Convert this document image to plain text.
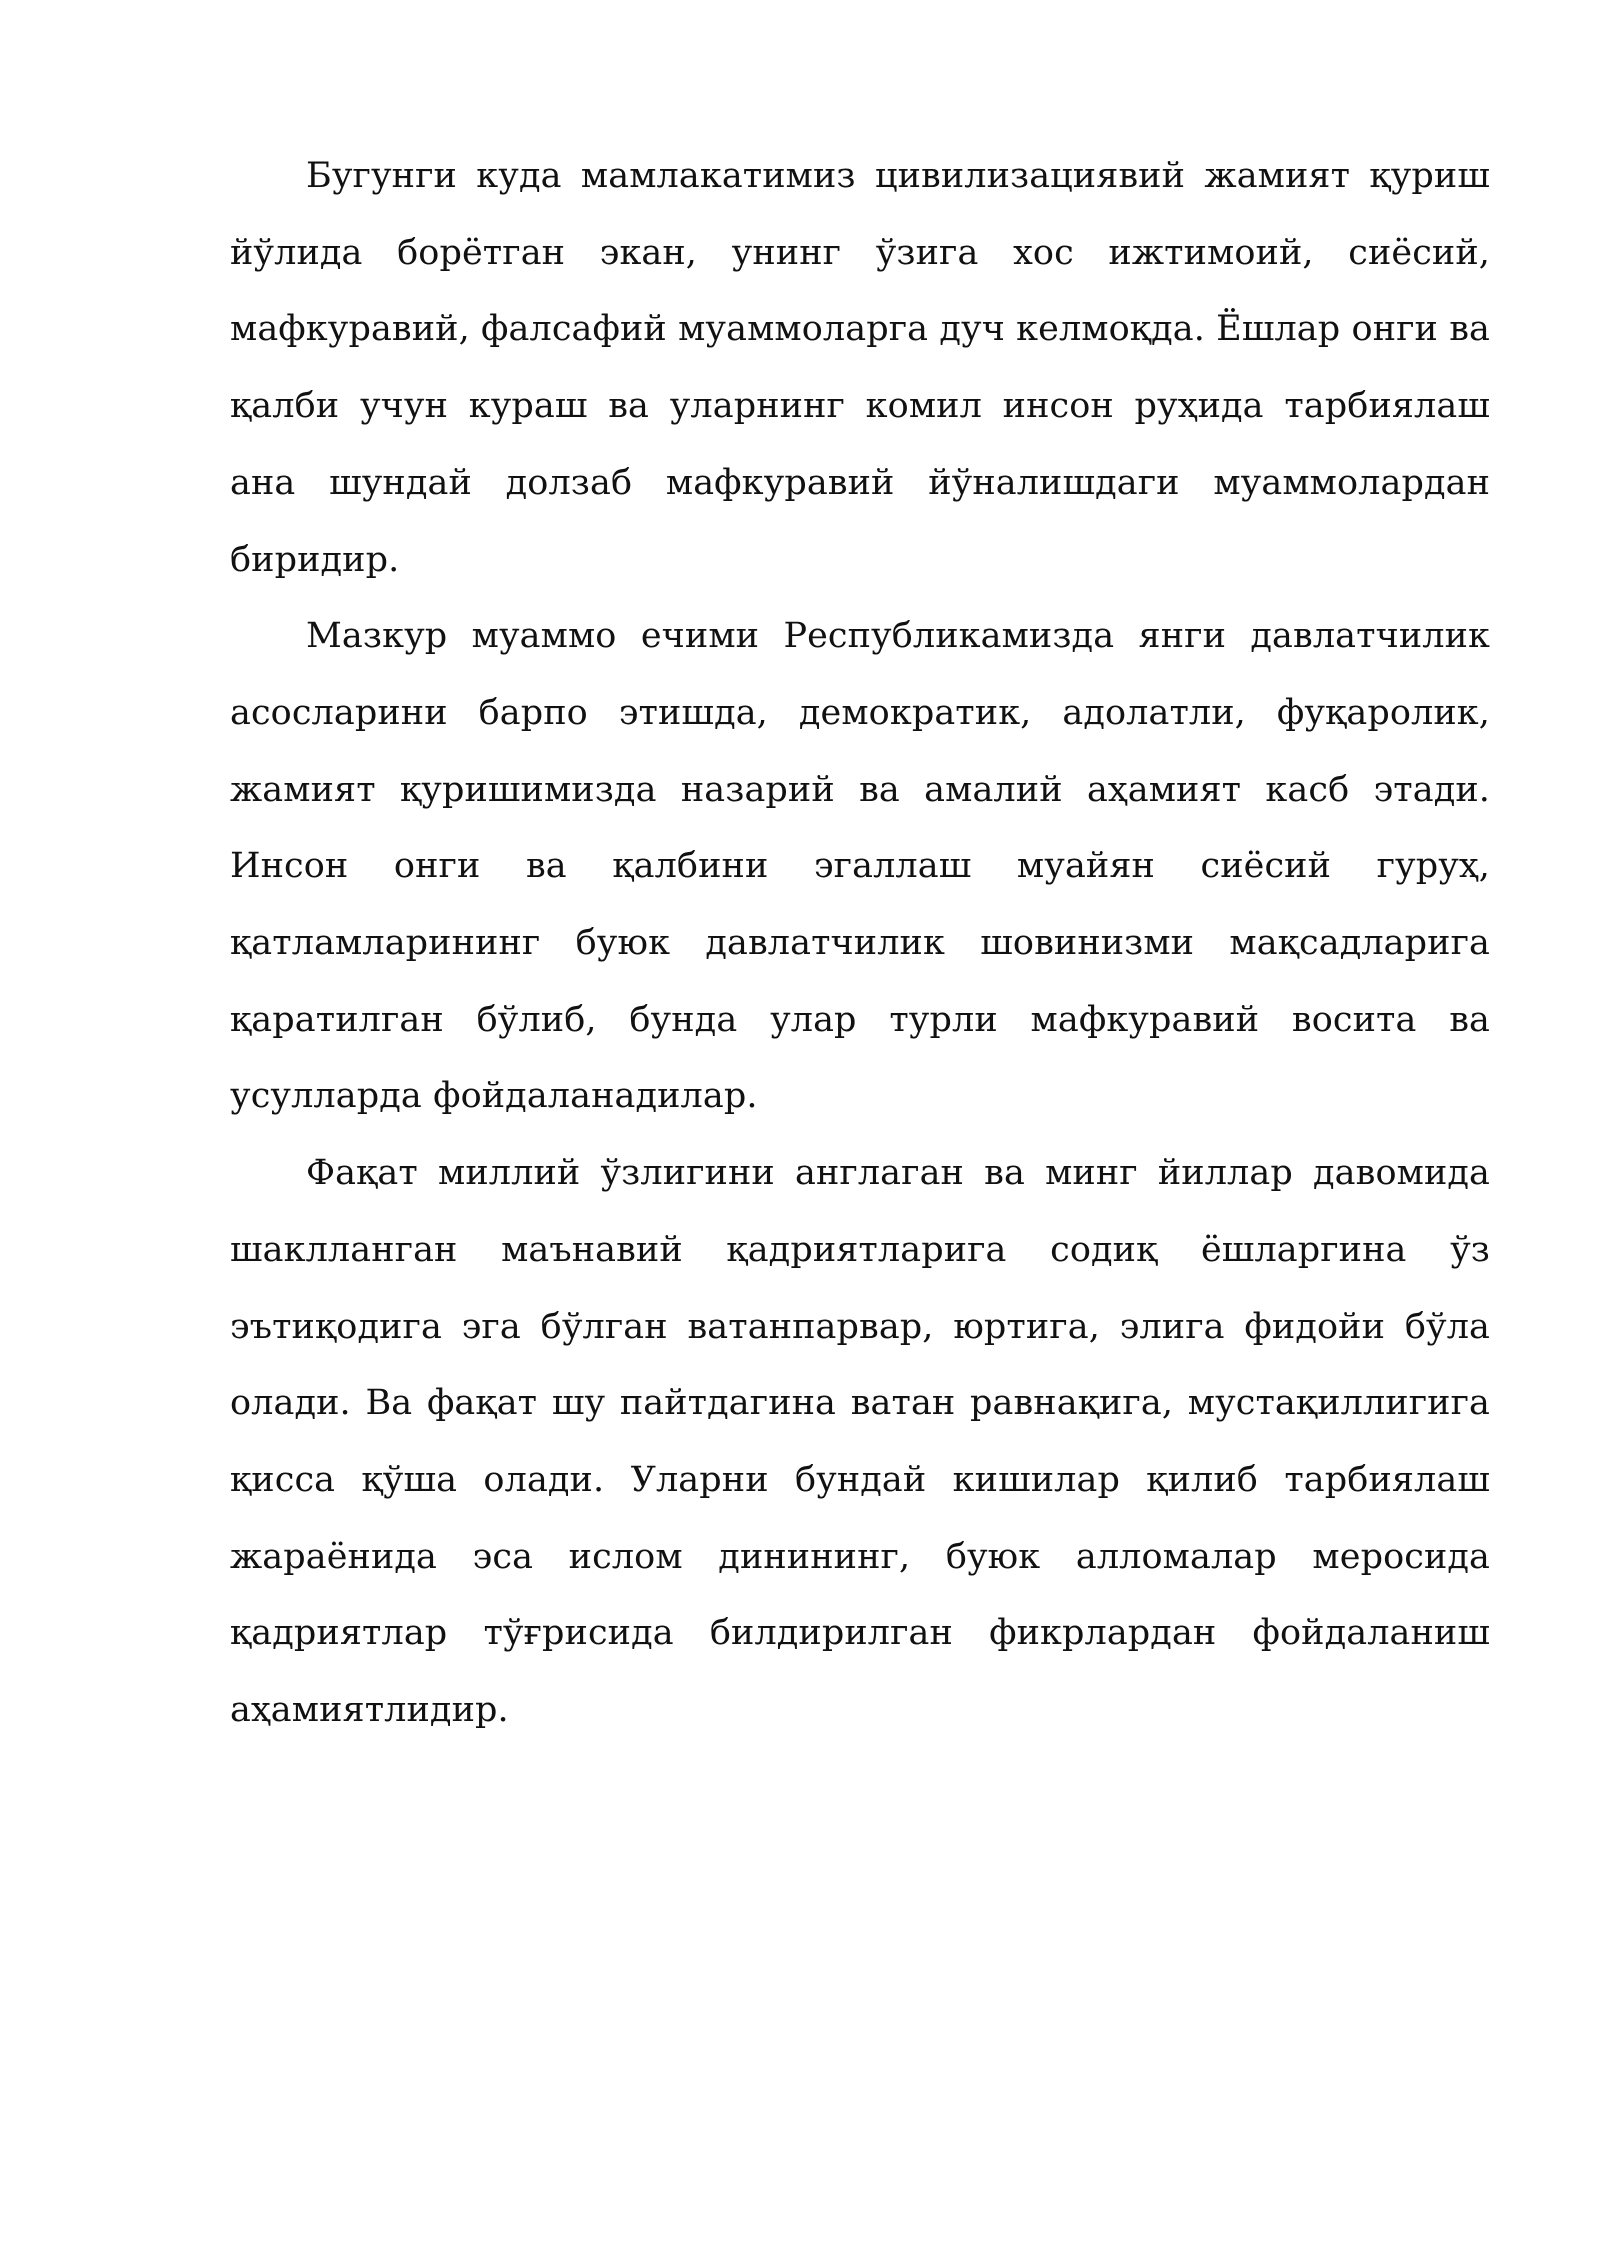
Бугунги куда мамлакатимиз цивилизациявий жамият қуриш йўлида борётган экан, унинг ўзига хос ижтимоий, сиёсий, мафкуравий, фалсафий муаммоларга дуч келмоқда. Ёшлар онги ва қалби учун кураш ва уларнинг комил инсон руҳида тарбиялаш ана шундай долзаб мафкуравий йўналишдаги муаммолардан биридир.

Мазкур муаммо ечими Республикамизда янги давлатчилик асосларини барпо этишда, демократик, адолатли, фуқаролик, жамият қуришимизда назарий ва амалий аҳамият касб этади. Инсон онги ва қалбини эгаллаш муайян сиёсий гуруҳ, қатламларининг буюк давлатчилик шовинизми мақсадларига қаратилган бўлиб, бунда улар турли мафкуравий восита ва усулларда фойдаланадилар.

Фақат миллий ўзлигини англаган ва минг йиллар давомида шаклланган маънавий қадриятларига содиқ ёшларгина ўз эътиқодига эга бўлган ватанпарвар, юртига, элига фидойи бўла олади. Ва фақат шу пайтдагина ватан равнақига, мустақиллигига қисса қўша олади. Уларни бундай кишилар қилиб тарбиялаш жараёнида эса ислом динининг, буюк алломалар меросида қадриятлар тўғрисида билдирилган фикрлардан фойдаланиш аҳамиятлидир.
